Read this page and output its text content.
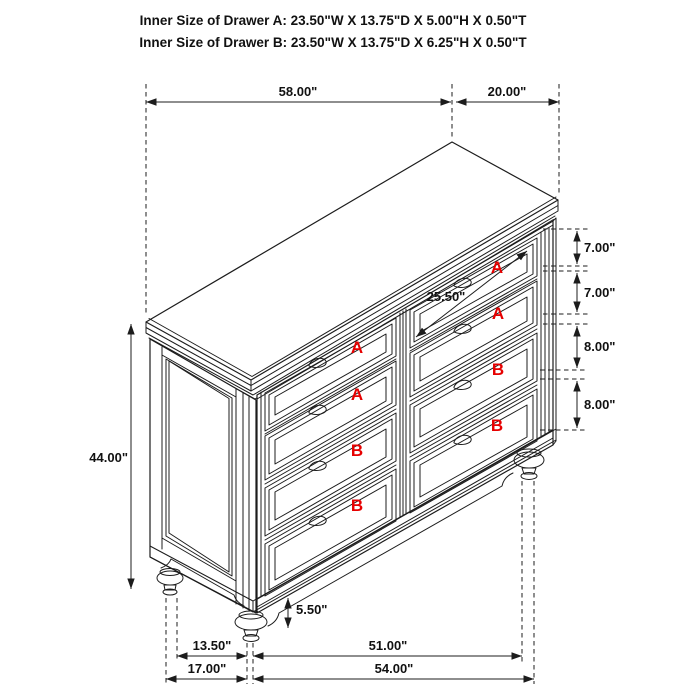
58.00"	20.00"
44.00"
7.00"
7.00"
8.00"
8.00"
25.50"
5.50"
13.50"	51.00"
17.00"	54.00"
A
A
B
B
A
A
B
B
Inner Size of Drawer A: 23.50"W X 13.75"D X 5.00"H X 0.50"T
Inner Size of Drawer B: 23.50"W X 13.75"D X 6.25"H X 0.50"T
